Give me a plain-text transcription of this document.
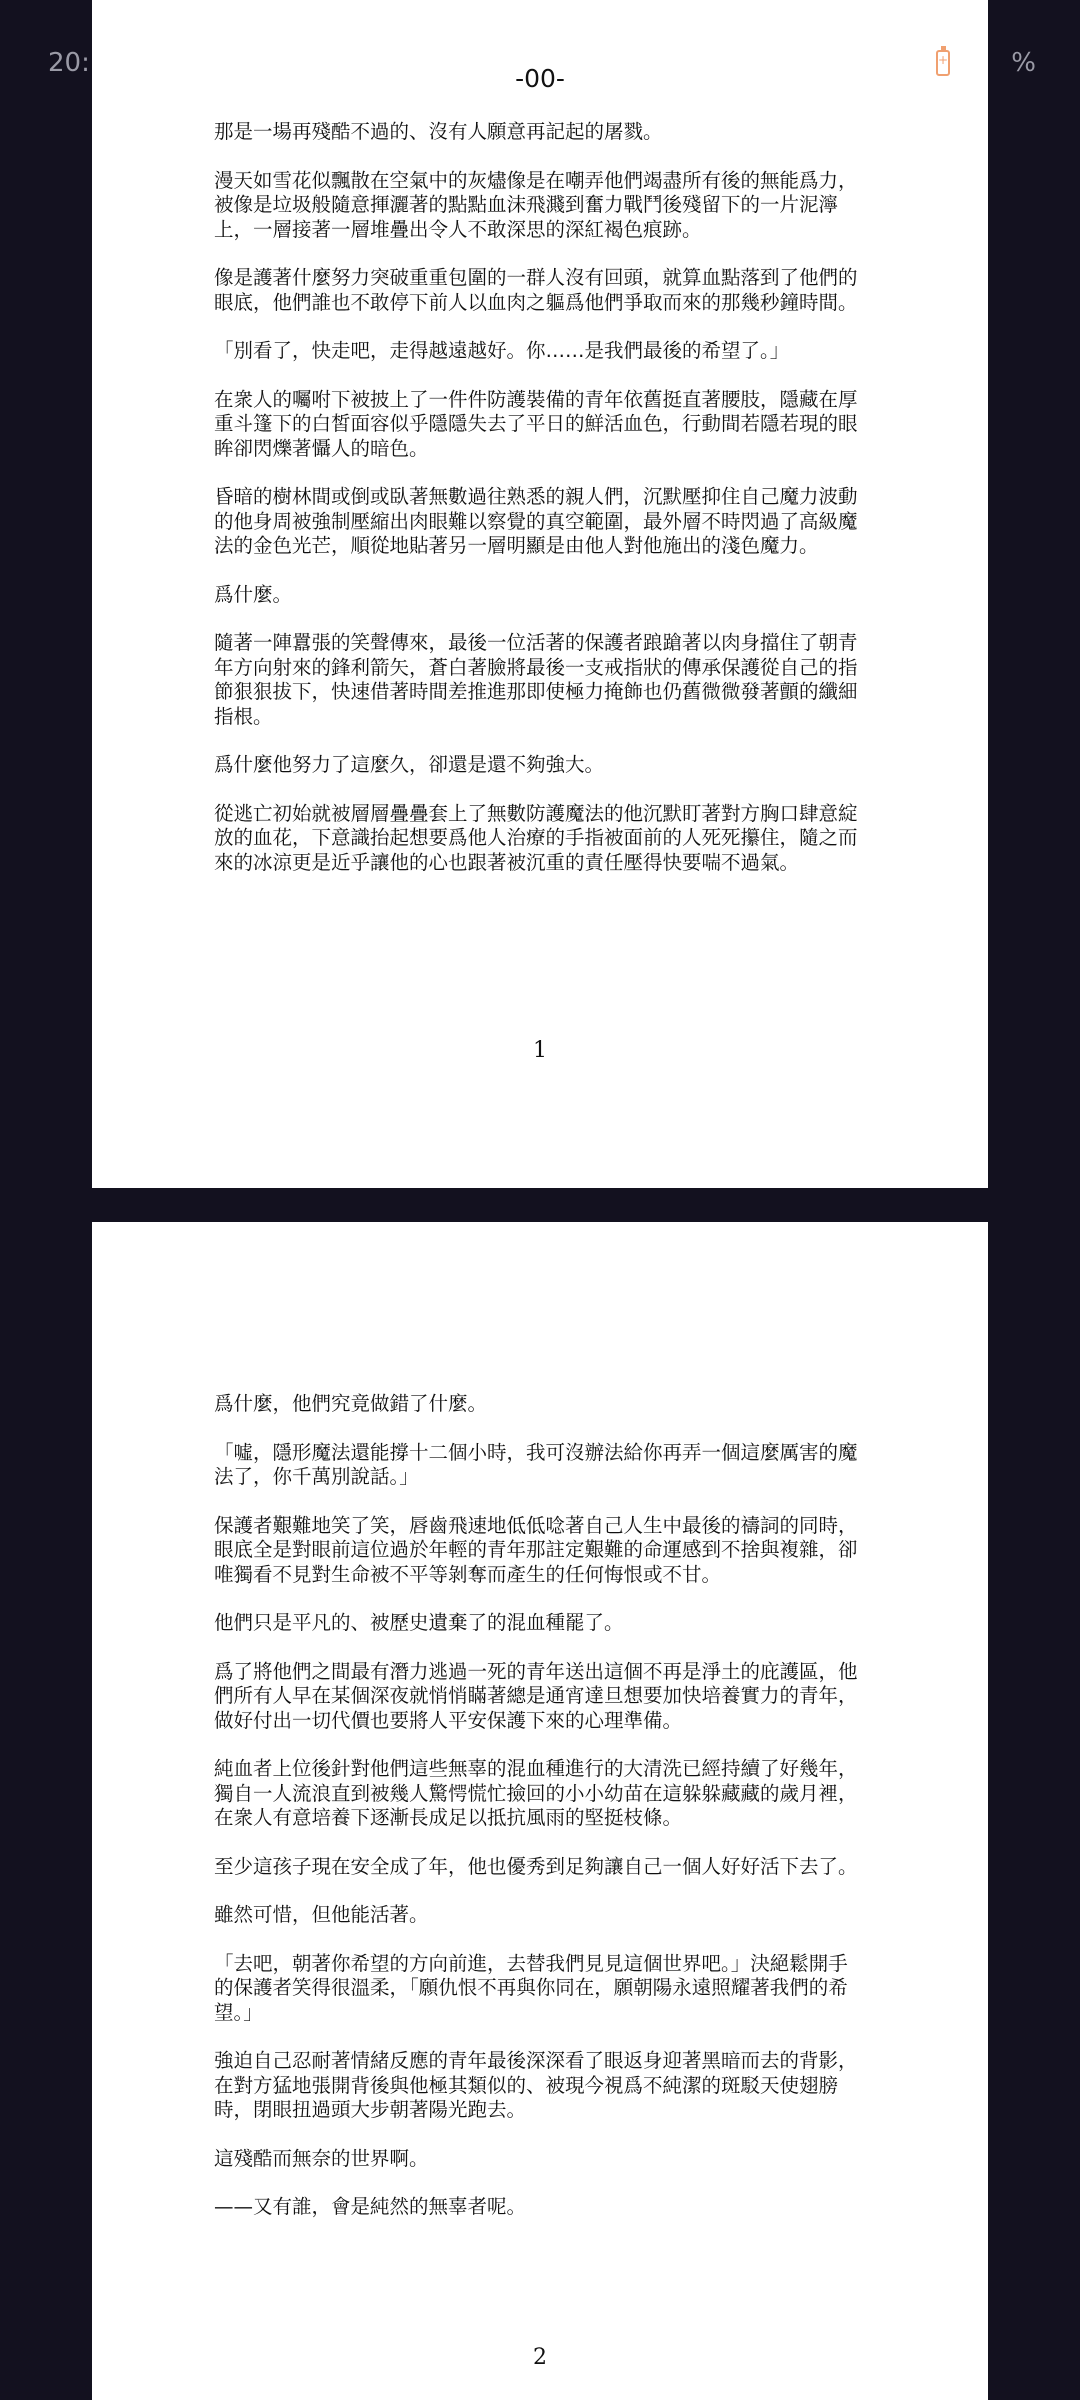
20:	%
-00-
+

那是一場再殘酷不過的、沒有人願意再記起的屠戮。

漫天如雪花似飄散在空氣中的灰燼像是在嘲弄他們竭盡所有後的無能爲力，被像是垃圾般隨意揮灑著的點點血沫飛濺到奮力戰鬥後殘留下的一片泥濘上，一層接著一層堆疊出令人不敢深思的深紅褐色痕跡。

像是護著什麼努力突破重重包圍的一群人沒有回頭，就算血點落到了他們的眼底，他們誰也不敢停下前人以血肉之軀爲他們爭取而來的那幾秒鐘時間。

「別看了，快走吧，走得越遠越好。你……是我們最後的希望了。」

在衆人的囑咐下被披上了一件件防護裝備的青年依舊挺直著腰肢，隱藏在厚重斗篷下的白皙面容似乎隱隱失去了平日的鮮活血色，行動間若隱若現的眼眸卻閃爍著懾人的暗色。

昏暗的樹林間或倒或臥著無數過往熟悉的親人們，沉默壓抑住自己魔力波動的他身周被強制壓縮出肉眼難以察覺的真空範圍，最外層不時閃過了高級魔法的金色光芒，順從地貼著另一層明顯是由他人對他施出的淺色魔力。

爲什麼。

隨著一陣囂張的笑聲傳來，最後一位活著的保護者踉蹌著以肉身擋住了朝青年方向射來的鋒利箭矢，蒼白著臉將最後一支戒指狀的傳承保護從自己的指節狠狠拔下，快速借著時間差推進那即使極力掩飾也仍舊微微發著顫的纖細指根。

爲什麼他努力了這麼久，卻還是還不夠強大。

從逃亡初始就被層層疊疊套上了無數防護魔法的他沉默盯著對方胸口肆意綻放的血花，下意識抬起想要爲他人治療的手指被面前的人死死攥住，隨之而來的冰涼更是近乎讓他的心也跟著被沉重的責任壓得快要喘不過氣。

1

爲什麼，他們究竟做錯了什麼。

「噓，隱形魔法還能撐十二個小時，我可沒辦法給你再弄一個這麼厲害的魔法了，你千萬別說話。」

保護者艱難地笑了笑，唇齒飛速地低低唸著自己人生中最後的禱詞的同時，眼底全是對眼前這位過於年輕的青年那註定艱難的命運感到不捨與複雜，卻唯獨看不見對生命被不平等剝奪而產生的任何悔恨或不甘。

他們只是平凡的、被歷史遺棄了的混血種罷了。

爲了將他們之間最有潛力逃過一死的青年送出這個不再是淨土的庇護區，他們所有人早在某個深夜就悄悄瞞著總是通宵達旦想要加快培養實力的青年，做好付出一切代價也要將人平安保護下來的心理準備。

純血者上位後針對他們這些無辜的混血種進行的大清洗已經持續了好幾年，獨自一人流浪直到被幾人驚愕慌忙撿回的小小幼苗在這躲躲藏藏的歲月裡，在衆人有意培養下逐漸長成足以抵抗風雨的堅挺枝條。

至少這孩子現在安全成了年，他也優秀到足夠讓自己一個人好好活下去了。

雖然可惜，但他能活著。

「去吧，朝著你希望的方向前進，去替我們見見這個世界吧。」決絕鬆開手的保護者笑得很溫柔，「願仇恨不再與你同在，願朝陽永遠照耀著我們的希望。」

強迫自己忍耐著情緒反應的青年最後深深看了眼返身迎著黑暗而去的背影，在對方猛地張開背後與他極其類似的、被現今視爲不純潔的斑駁天使翅膀時，閉眼扭過頭大步朝著陽光跑去。

這殘酷而無奈的世界啊。

——又有誰，會是純然的無辜者呢。

2
